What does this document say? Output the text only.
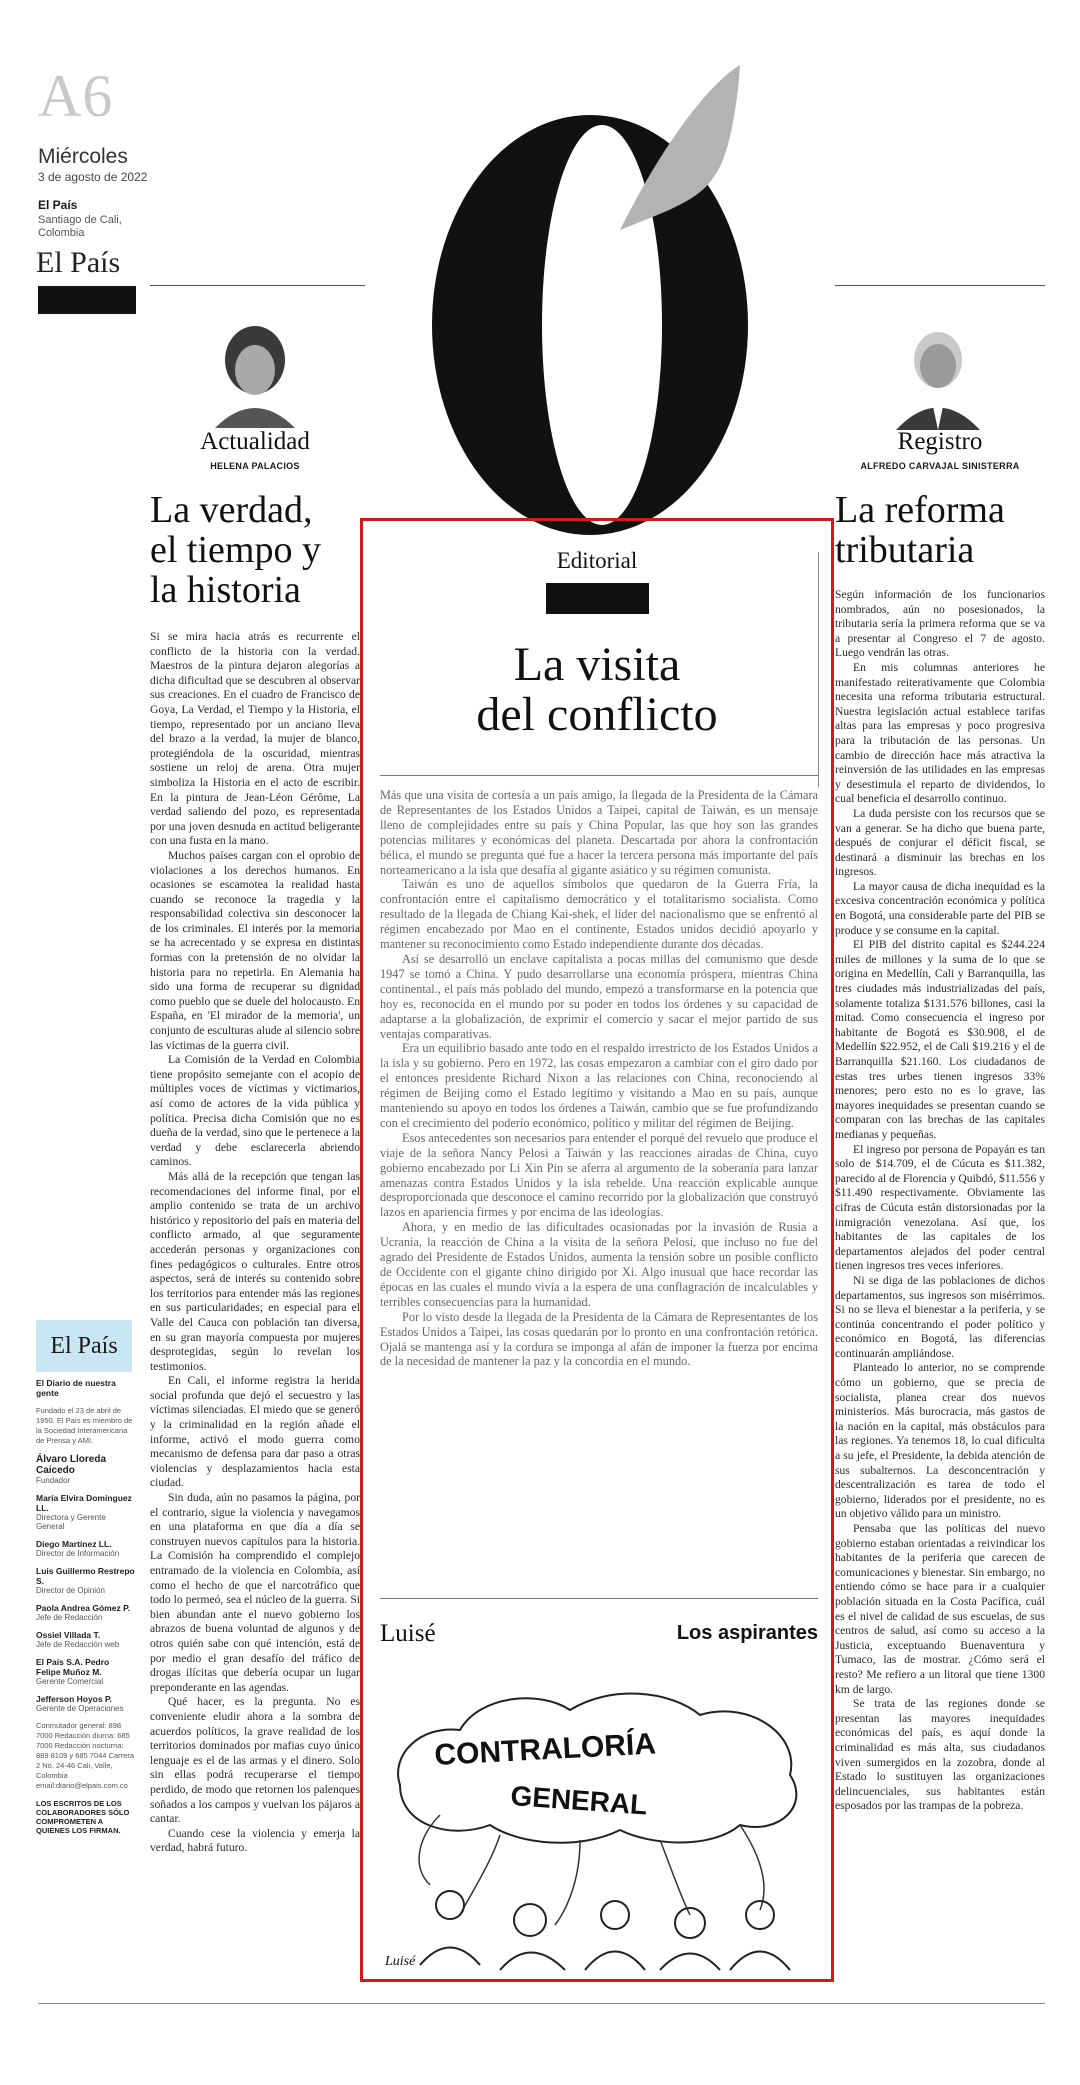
A6
Miércoles
3 de agosto de 2022
El País
Santiago de Cali, Colombia
El País
Actualidad
HELENA PALACIOS
Registro
ALFREDO CARVAJAL SINISTERRA
La verdad,
el tiempo y
la historia

Si se mira hacia atrás es recurrente el conflicto de la historia con la verdad. Maestros de la pintura dejaron alegorías a dicha dificultad que se descubren al observar sus creaciones. En el cuadro de Francisco de Goya, La Verdad, el Tiempo y la Historia, el tiempo, representado por un anciano lleva del brazo a la verdad, la mujer de blanco, protegiéndola de la oscuridad, mientras sostiene un reloj de arena. Otra mujer simboliza la Historia en el acto de escribir. En la pintura de Jean-Léon Gérôme, La verdad saliendo del pozo, es representada por una joven desnuda en actitud beligerante con una fusta en la mano.

Muchos países cargan con el oprobio de violaciones a los derechos humanos. En ocasiones se escamotea la realidad hasta cuando se reconoce la tragedia y la responsabilidad colectiva sin desconocer la de los criminales. El interés por la memoria se ha acrecentado y se expresa en distintas formas con la pretensión de no olvidar la historia para no repetirla. En Alemania ha sido una forma de recuperar su dignidad como pueblo que se duele del holocausto. En España, en 'El mirador de la memoria', un conjunto de esculturas alude al silencio sobre las víctimas de la guerra civil.

La Comisión de la Verdad en Colombia tiene propósito semejante con el acopio de múltiples voces de víctimas y victimarios, así como de actores de la vida pública y política. Precisa dicha Comisión que no es dueña de la verdad, sino que le pertenece a la verdad y debe esclarecerla abriendo caminos.

Más allá de la recepción que tengan las recomendaciones del informe final, por el amplio contenido se trata de un archivo histórico y repositorio del país en materia del conflicto armado, al que seguramente accederán personas y organizaciones con fines pedagógicos o culturales. Entre otros aspectos, será de interés su contenido sobre los territorios para entender más las regiones en sus particularidades; en especial para el Valle del Cauca con población tan diversa, en su gran mayoría compuesta por mujeres desprotegidas, según lo revelan los testimonios.

En Cali, el informe registra la herida social profunda que dejó el secuestro y las víctimas silenciadas. El miedo que se generó y la criminalidad en la región añade el informe, activó el modo guerra como mecanismo de defensa para dar paso a otras violencias y desplazamientos hacia esta ciudad.

Sin duda, aún no pasamos la página, por el contrario, sigue la violencia y navegamos en una plataforma en que día a día se construyen nuevos capítulos para la historia. La Comisión ha comprendido el complejo entramado de la violencia en Colombia, así como el hecho de que el narcotráfico que todo lo permeó, sea el núcleo de la guerra. Si bien abundan ante el nuevo gobierno los abrazos de buena voluntad de algunos y de otros quién sabe con qué intención, está de por medio el gran desafío del tráfico de drogas ilícitas que debería ocupar un lugar preponderante en las agendas.

Qué hacer, es la pregunta. No es conveniente eludir ahora a la sombra de acuerdos políticos, la grave realidad de los territorios dominados por mafias cuyo único lenguaje es el de las armas y el dinero. Solo sin ellas podrá recuperarse el tiempo perdido, de modo que retornen los palenques soñados a los campos y vuelvan los pájaros a cantar.

Cuando cese la violencia y emerja la verdad, habrá futuro.

El País
El Diario de nuestra gente
Fundado el 23 de abril de 1950. El País es miembro de la Sociedad Interamericana de Prensa y AMI.
Álvaro Lloreda Caicedo
Fundador
María Elvira Domínguez LL.
Directora y Gerente General
Diego Martínez LL.
Director de Información
Luis Guillermo Restrepo S.
Director de Opinión
Paola Andrea Gómez P.
Jefe de Redacción
Ossiel Villada T.
Jefe de Redacción web
El País S.A. Pedro Felipe Muñoz M.
Gerente Comercial
Jefferson Hoyos P.
Gerente de Operaciones
Conmutador general: 898 7000 Redacción diurna: 685 7000 Redacción nocturna: 889 8109 y 685 7044 Carrera 2 No. 24-46 Cali, Valle, Colombia email:diario@elpais.com.co
LOS ESCRITOS DE LOS COLABORADORES SÓLO COMPROMETEN A QUIENES LOS FIRMAN.
Editorial
La visita
del conflicto

Más que una visita de cortesía a un país amigo, la llegada de la Presidenta de la Cámara de Representantes de los Estados Unidos a Taipei, capital de Taiwán, es un mensaje lleno de complejidades entre su país y China Popular, las que hoy son las grandes potencias militares y económicas del planeta. Descartada por ahora la confrontación bélica, el mundo se pregunta qué fue a hacer la tercera persona más importante del país norteamericano a la isla que desafía al gigante asiático y su régimen comunista.

Taiwán es uno de aquellos símbolos que quedaron de la Guerra Fría, la confrontación entre el capitalismo democrático y el totalitarismo socialista. Como resultado de la llegada de Chiang Kai-shek, el líder del nacionalismo que se enfrentó al régimen encabezado por Mao en el continente, Estados unidos decidió apoyarlo y mantener su reconocimiento como Estado independiente durante dos décadas.

Así se desarrolló un enclave capitalista a pocas millas del comunismo que desde 1947 se tomó a China. Y pudo desarrollarse una economía próspera, mientras China continental., el país más poblado del mundo, empezó a transformarse en la potencia que hoy es, reconocida en el mundo por su poder en todos los órdenes y su capacidad de adaptarse a la globalización, de exprimir el comercio y sacar el mejor partido de sus ventajas comparativas.

Era un equilibrio basado ante todo en el respaldo irrestricto de los Estados Unidos a la isla y su gobierno. Pero en 1972, las cosas empezaron a cambiar con el giro dado por el entonces presidente Richard Nixon a las relaciones con China, reconociendo al régimen de Beijing como el Estado legítimo y visitando a Mao en su país, aunque manteniendo su apoyo en todos los órdenes a Taiwán, cambio que se fue profundizando con el crecimiento del poderío económico, político y militar del régimen de Beijing.

Esos antecedentes son necesarios para entender el porqué del revuelo que produce el viaje de la señora Nancy Pelosi a Taiwán y las reacciones airadas de China, cuyo gobierno encabezado por Li Xin Pin se aferra al argumento de la soberanía para lanzar amenazas contra Estados Unidos y la isla rebelde. Una reacción explicable aunque desproporcionada que desconoce el camino recorrido por la globalización que construyó lazos en apariencia firmes y por encima de las ideologías.

Ahora, y en medio de las dificultades ocasionadas por la invasión de Rusia a Ucrania, la reacción de China a la visita de la señora Pelosi, que incluso no fue del agrado del Presidente de Estados Unidos, aumenta la tensión sobre un posible conflicto de Occidente con el gigante chino dirigido por Xi. Algo inusual que hace recordar las épocas en las cuales el mundo vivía a la espera de una conflagración de incalculables y terribles consecuencias para la humanidad.

Por lo visto desde la llegada de la Presidenta de la Cámara de Representantes de los Estados Unidos a Taipei, las cosas quedarán por lo pronto en una confrontación retórica. Ojalá se mantenga así y la cordura se imponga al afán de imponer la fuerza por encima de la necesidad de mantener la paz y la concordia en el mundo.

Luisé	Los aspirantes
CONTRALORÍA
GENERAL
Luisé
La reforma
tributaria

Según información de los funcionarios nombrados, aún no posesionados, la tributaria sería la primera reforma que se va a presentar al Congreso el 7 de agosto. Luego vendrán las otras.

En mis columnas anteriores he manifestado reiterativamente que Colombia necesita una reforma tributaria estructural. Nuestra legislación actual establece tarifas altas para las empresas y poco progresiva para la tributación de las personas. Un cambio de dirección hace más atractiva la reinversión de las utilidades en las empresas y desestimula el reparto de dividendos, lo cual beneficia el desarrollo continuo.

La duda persiste con los recursos que se van a generar. Se ha dicho que buena parte, después de conjurar el déficit fiscal, se destinará a disminuir las brechas en los ingresos.

La mayor causa de dicha inequidad es la excesiva concentración económica y política en Bogotá, una considerable parte del PIB se produce y se consume en la capital.

El PIB del distrito capital es $244.224 miles de millones y la suma de lo que se origina en Medellín, Cali y Barranquilla, las tres ciudades más industrializadas del país, solamente totaliza $131.576 billones, casi la mitad. Como consecuencia el ingreso por habitante de Bogotá es $30.908, el de Medellín $22.952, el de Cali $19.216 y el de Barranquilla $21.160. Los ciudadanos de estas tres urbes tienen ingresos 33% menores; pero esto no es lo grave, las mayores inequidades se presentan cuando se comparan con las brechas de las capitales medianas y pequeñas.

El ingreso por persona de Popayán es tan solo de $14.709, el de Cúcuta es $11.382, parecido al de Florencia y Quibdó, $11.556 y $11.490 respectivamente. Obviamente las cifras de Cúcuta están distorsionadas por la inmigración venezolana. Así que, los habitantes de las capitales de los departamentos alejados del poder central tienen ingresos tres veces inferiores.

Ni se diga de las poblaciones de dichos departamentos, sus ingresos son misérrimos. Si no se lleva el bienestar a la periferia, y se continúa concentrando el poder político y económico en Bogotá, las diferencias continuarán ampliándose.

Planteado lo anterior, no se comprende cómo un gobierno, que se precia de socialista, planea crear dos nuevos ministerios. Más burocracia, más gastos de la nación en la capital, más obstáculos para las regiones. Ya tenemos 18, lo cual dificulta a su jefe, el Presidente, la debida atención de sus subalternos. La desconcentración y descentralización es tarea de todo el gobierno, liderados por el presidente, no es un objetivo válido para un ministro.

Pensaba que las políticas del nuevo gobierno estaban orientadas a reivindicar los habitantes de la periferia que carecen de comunicaciones y bienestar. Sin embargo, no entiendo cómo se hace para ir a cualquier población situada en la Costa Pacífica, cuál es el nivel de calidad de sus escuelas, de sus centros de salud, así como su acceso a la Justicia, exceptuando Buenaventura y Tumaco, las de mostrar. ¿Cómo será el resto? Me refiero a un litoral que tiene 1300 km de largo.

Se trata de las regiones donde se presentan las mayores inequidades económicas del país, es aquí donde la criminalidad es más alta, sus ciudadanos viven sumergidos en la zozobra, donde al Estado lo sustituyen las organizaciones delincuenciales, sus habitantes están esposados por las trampas de la pobreza.
